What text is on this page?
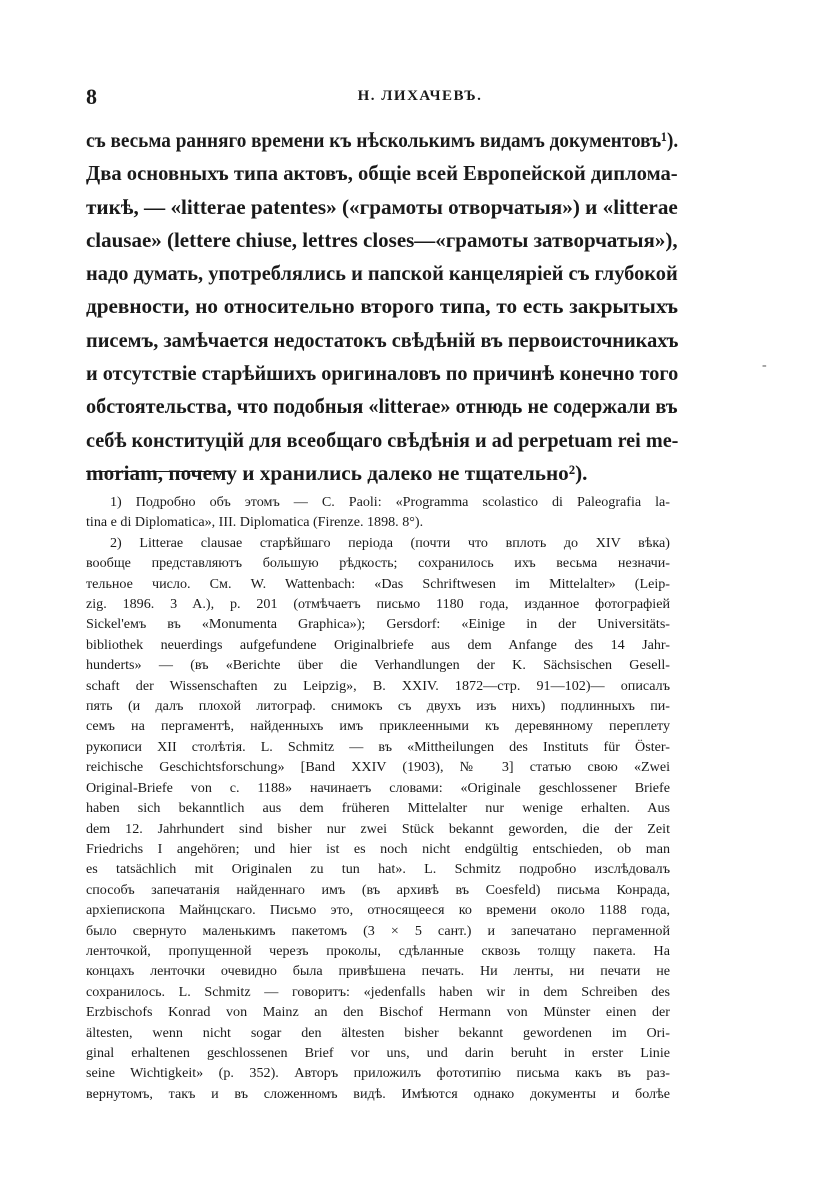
8	Н. ЛИХАЧЕВЪ.
-
съ весьма ранняго времени къ нѣсколькимъ видамъ документовъ¹).
Два основныхъ типа актовъ, общіе всей Европейской диплома-
тикѣ, — «litterae patentes» («грамоты отворчатыя») и «litterae
clausae» (lettere chiuse, lettres closes—«грамоты затворчатыя»),
надо думать, употреблялись и папской канцеляріей съ глубокой
древности, но относительно второго типа, то есть закрытыхъ
писемъ, замѣчается недостатокъ свѣдѣній въ первоисточникахъ
и отсутствіе старѣйшихъ оригиналовъ по причинѣ конечно того
обстоятельства, что подобныя «litterae» отнюдь не содержали въ
себѣ конституцій для всеобщаго свѣдѣнія и ad perpetuam rei me-
moriam, почему и хранились далеко не тщательно²).
1) Подробно объ этомъ — C. Paoli: «Programma scolastico di Paleografia la-
tina e di Diplomatica», III. Diplomatica (Firenze. 1898. 8°).
2) Litterae clausae старѣйшаго періода (почти что вплоть до XIV вѣка)
вообще представляютъ большую рѣдкость; сохранилось ихъ весьма незначи-
тельное число. См. W. Wattenbach: «Das Schriftwesen im Mittelalter» (Leip-
zig. 1896. 3 A.), p. 201 (отмѣчаетъ письмо 1180 года, изданное фотографіей
Sickel'емъ въ «Monumenta Graphica»); Gersdorf: «Einige in der Universitäts-
bibliothek neuerdings aufgefundene Originalbriefe aus dem Anfange des 14 Jahr-
hunderts» — (въ «Berichte über die Verhandlungen der K. Sächsischen Gesell-
schaft der Wissenschaften zu Leipzig», B. XXIV. 1872—стр. 91—102)— описалъ
пять (и далъ плохой литограф. снимокъ съ двухъ изъ нихъ) подлинныхъ пи-
семъ на пергаментѣ, найденныхъ имъ приклеенными къ деревянному переплету
рукописи XII столѣтія. L. Schmitz — въ «Mittheilungen des Instituts für Öster-
reichische Geschichtsforschung» [Band XXIV (1903), № 3] статью свою «Zwei
Original-Briefe von c. 1188» начинаетъ словами: «Originale geschlossener Briefe
haben sich bekanntlich aus dem früheren Mittelalter nur wenige erhalten. Aus
dem 12. Jahrhundert sind bisher nur zwei Stück bekannt geworden, die der Zeit
Friedrichs I angehören; und hier ist es noch nicht endgültig entschieden, ob man
es tatsächlich mit Originalen zu tun hat». L. Schmitz подробно изслѣдовалъ
способъ запечатанія найденнаго имъ (въ архивѣ въ Coesfeld) письма Конрада,
архіепископа Майнцскаго. Письмо это, относящееся ко времени около 1188 года,
было свернуто маленькимъ пакетомъ (3 × 5 сант.) и запечатано пергаменной
ленточкой, пропущенной черезъ проколы, сдѣланные сквозь толщу пакета. На
концахъ ленточки очевидно была привѣшена печать. Ни ленты, ни печати не
сохранилось. L. Schmitz — говоритъ: «jedenfalls haben wir in dem Schreiben des
Erzbischofs Konrad von Mainz an den Bischof Hermann von Münster einen der
ältesten, wenn nicht sogar den ältesten bisher bekannt gewordenen im Ori-
ginal erhaltenen geschlossenen Brief vor uns, und darin beruht in erster Linie
seine Wichtigkeit» (p. 352). Авторъ приложилъ фототипію письма какъ въ раз-
вернутомъ, такъ и въ сложенномъ видѣ. Имѣются однако документы и болѣе
